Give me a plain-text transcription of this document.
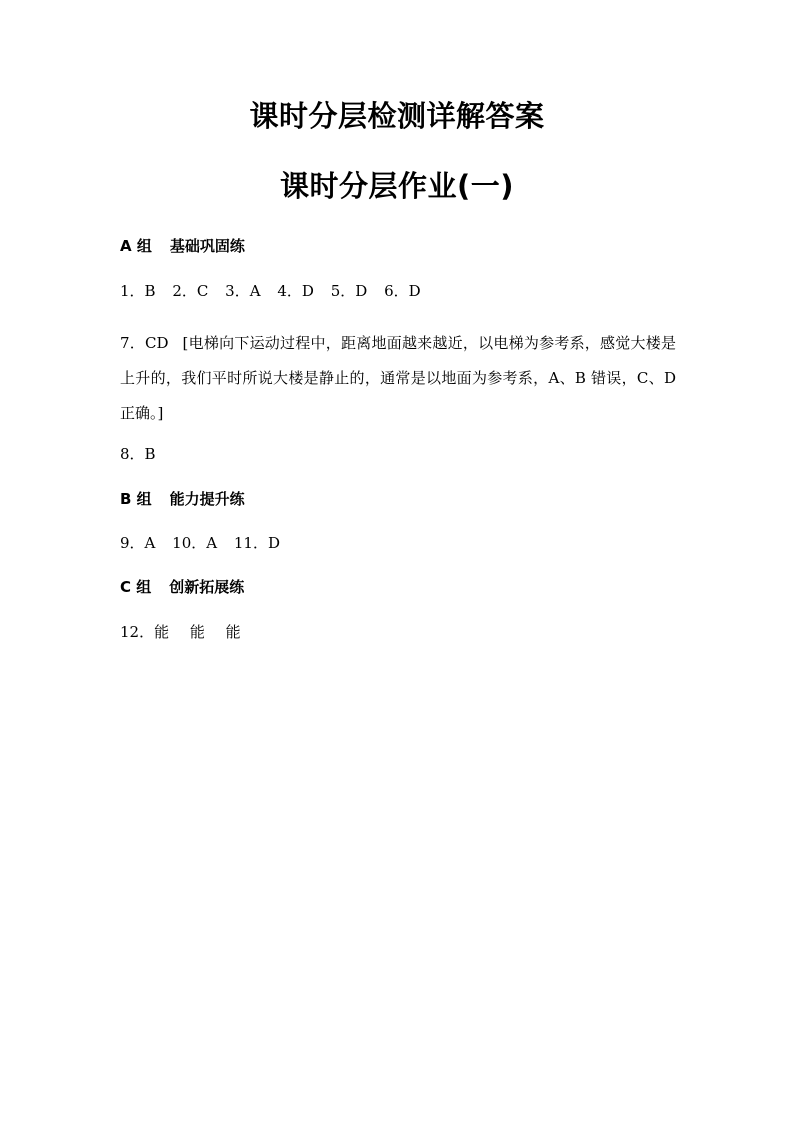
课时分层检测详解答案
课时分层作业(一)
A 组 基础巩固练
1．B 2．C 3．A 4．D 5．D 6．D
7．CD [电梯向下运动过程中，距离地面越来越近，以电梯为参考系，感觉大楼是上升的，我们平时所说大楼是静止的，通常是以地面为参考系，A、B 错误，C、D 正确。]
8．B
B 组 能力提升练
9．A 10．A 11．D
C 组 创新拓展练
12．能 能 能
